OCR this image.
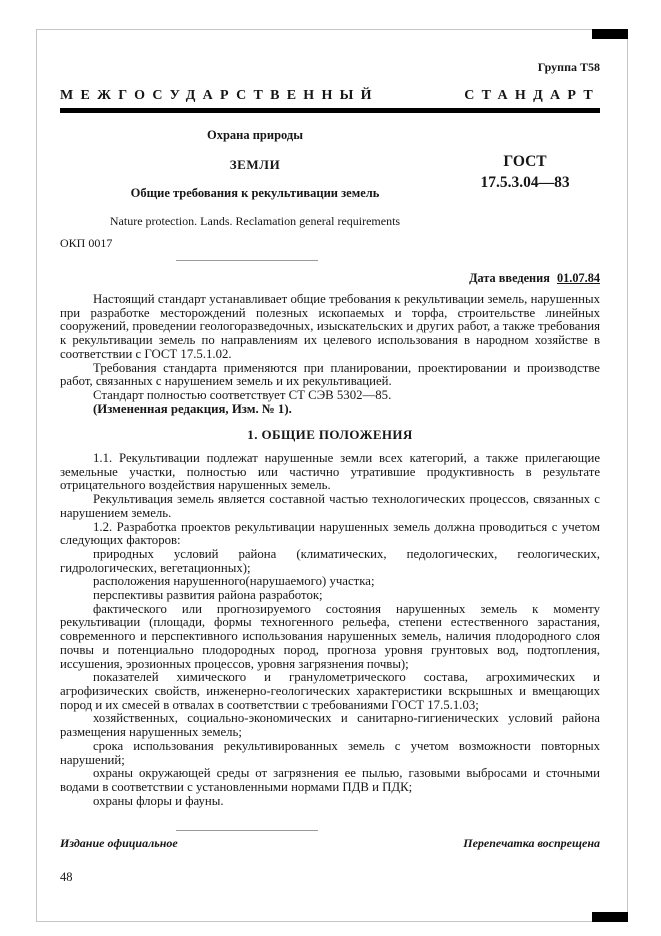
Группа Т58
МЕЖГОСУДАРСТВЕННЫЙ	СТАНДАРТ
Охрана природы
ЗЕМЛИ
Общие требования к рекультивации земель
Nature protection. Lands. Reclamation general requirements
ГОСТ
17.5.3.04—83
ОКП 0017
Дата введения 01.07.84

Настоящий стандарт устанавливает общие требования к рекультивации земель, нарушенных при разработке месторождений полезных ископаемых и торфа, строительстве линейных сооружений, проведении геологоразведочных, изыскательских и других работ, а также требования к рекультивации земель по направлениям их целевого использования в народном хозяйстве в соответствии с ГОСТ 17.5.1.02.

Требования стандарта применяются при планировании, проектировании и производстве работ, связанных с нарушением земель и их рекультивацией.

Стандарт полностью соответствует СТ СЭВ 5302—85.

(Измененная редакция, Изм. № 1).

1. ОБЩИЕ ПОЛОЖЕНИЯ

1.1. Рекультивации подлежат нарушенные земли всех категорий, а также прилегающие земельные участки, полностью или частично утратившие продуктивность в результате отрицательного воздействия нарушенных земель.

Рекультивация земель является составной частью технологических процессов, связанных с нарушением земель.

1.2. Разработка проектов рекультивации нарушенных земель должна проводиться с учетом следующих факторов:

природных условий района (климатических, педологических, геологических, гидрологических, вегетационных);

расположения нарушенного(нарушаемого) участка;

перспективы развития района разработок;

фактического или прогнозируемого состояния нарушенных земель к моменту рекультивации (площади, формы техногенного рельефа, степени естественного зарастания, современного и перспективного использования нарушенных земель, наличия плодородного слоя почвы и потенциально плодородных пород, прогноза уровня грунтовых вод, подтопления, иссушения, эрозионных процессов, уровня загрязнения почвы);

показателей химического и гранулометрического состава, агрохимических и агрофизических свойств, инженерно-геологических характеристики вскрышных и вмещающих пород и их смесей в отвалах в соответствии с требованиями ГОСТ 17.5.1.03;

хозяйственных, социально-экономических и санитарно-гигиенических условий района размещения нарушенных земель;

срока использования рекультивированных земель с учетом возможности повторных нарушений;

охраны окружающей среды от загрязнения ее пылью, газовыми выбросами и сточными водами в соответствии с установленными нормами ПДВ и ПДК;

охраны флоры и фауны.

Издание официальное	Перепечатка воспрещена
48
